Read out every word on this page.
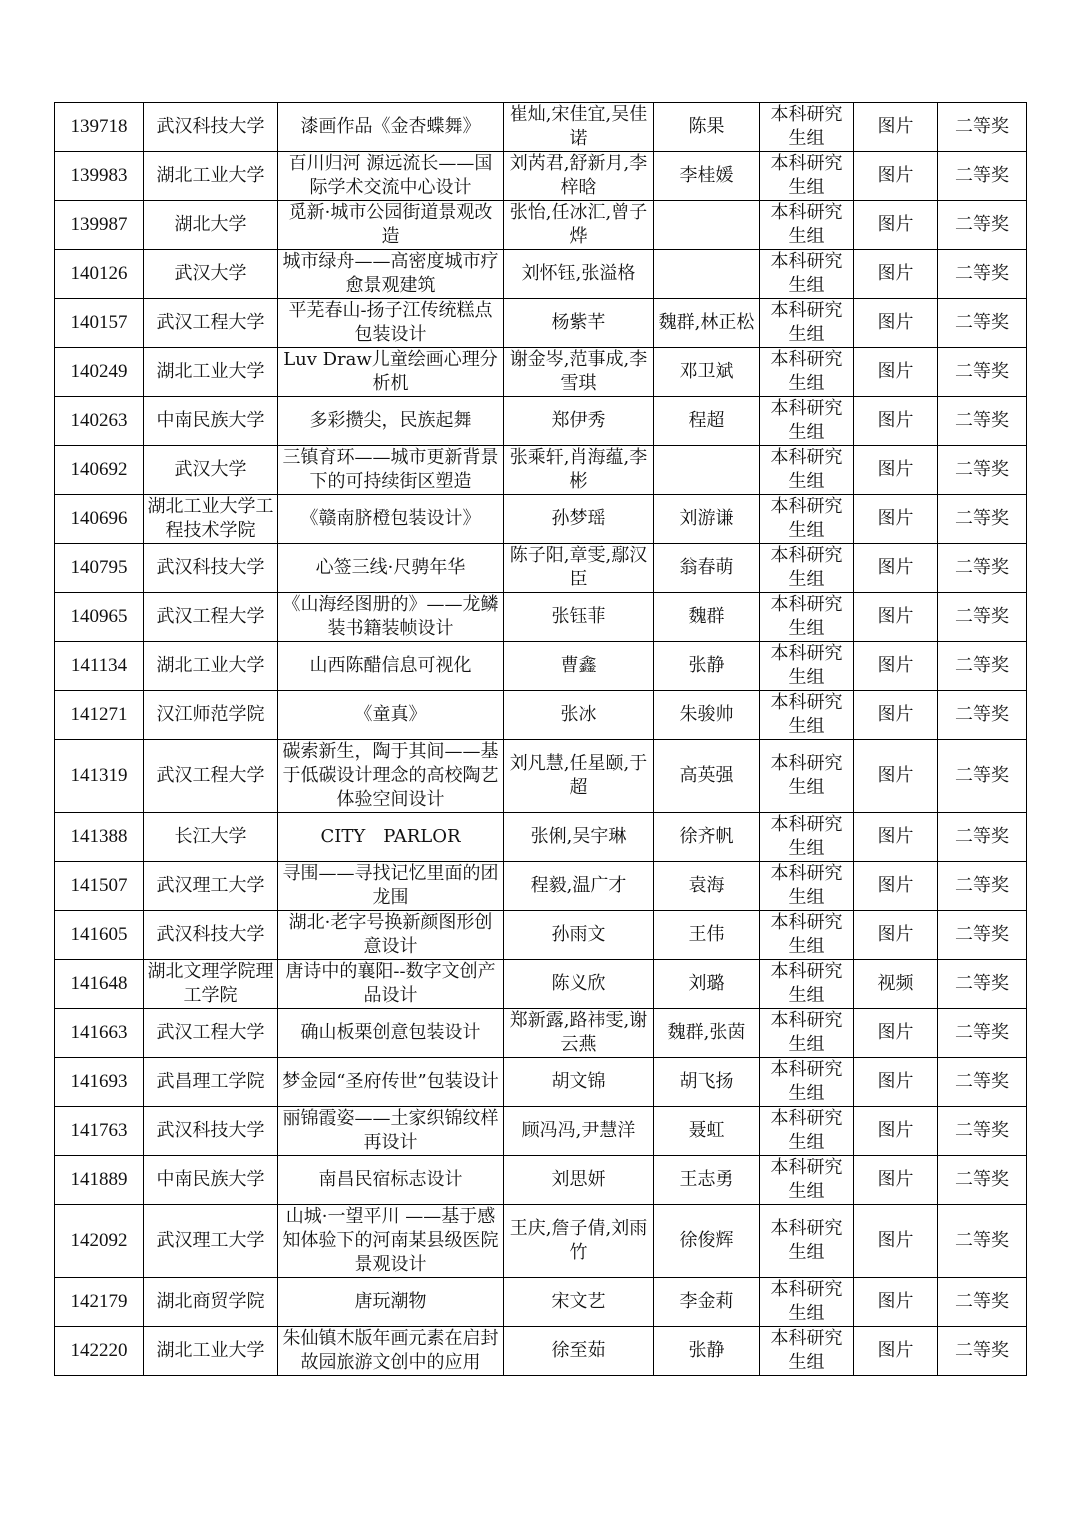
139718	武汉科技大学	漆画作品《金杏蝶舞》	崔灿,宋佳宜,吴佳诺	陈果	本科研究生组	图片	二等奖
139983	湖北工业大学	百川归河 源远流长——国际学术交流中心设计	刘芮君,舒新月,李梓晗	李桂媛	本科研究生组	图片	二等奖
139987	湖北大学	觅新·城市公园街道景观改造	张怡,任冰汇,曾子烨		本科研究生组	图片	二等奖
140126	武汉大学	城市绿舟——高密度城市疗愈景观建筑	刘怀钰,张溢格		本科研究生组	图片	二等奖
140157	武汉工程大学	平芜春山-扬子江传统糕点包装设计	杨紫芊	魏群,林正松	本科研究生组	图片	二等奖
140249	湖北工业大学	Luv Draw儿童绘画心理分析机	谢金岑,范事成,李雪琪	邓卫斌	本科研究生组	图片	二等奖
140263	中南民族大学	多彩攒尖，民族起舞	郑伊秀	程超	本科研究生组	图片	二等奖
140692	武汉大学	三镇育环——城市更新背景下的可持续街区塑造	张乘轩,肖海蕴,李彬		本科研究生组	图片	二等奖
140696	湖北工业大学工程技术学院	《赣南脐橙包装设计》	孙梦瑶	刘游谦	本科研究生组	图片	二等奖
140795	武汉科技大学	心签三线·尺骋年华	陈子阳,章雯,鄢汉臣	翁春萌	本科研究生组	图片	二等奖
140965	武汉工程大学	《山海经图册的》——龙鳞装书籍装帧设计	张钰菲	魏群	本科研究生组	图片	二等奖
141134	湖北工业大学	山西陈醋信息可视化	曹鑫	张静	本科研究生组	图片	二等奖
141271	汉江师范学院	《童真》	张冰	朱骏帅	本科研究生组	图片	二等奖
141319	武汉工程大学	碳索新生，陶于其间——基于低碳设计理念的高校陶艺体验空间设计	刘凡慧,任星颐,于超	高英强	本科研究生组	图片	二等奖
141388	长江大学	CITY　PARLOR	张俐,吴宇琳	徐齐帆	本科研究生组	图片	二等奖
141507	武汉理工大学	寻围——寻找记忆里面的团龙围	程毅,温广才	袁海	本科研究生组	图片	二等奖
141605	武汉科技大学	湖北·老字号换新颜图形创意设计	孙雨文	王伟	本科研究生组	图片	二等奖
141648	湖北文理学院理工学院	唐诗中的襄阳--数字文创产品设计	陈义欣	刘璐	本科研究生组	视频	二等奖
141663	武汉工程大学	确山板栗创意包装设计	郑新露,路祎雯,谢云燕	魏群,张茵	本科研究生组	图片	二等奖
141693	武昌理工学院	梦金园“圣府传世”包装设计	胡文锦	胡飞扬	本科研究生组	图片	二等奖
141763	武汉科技大学	丽锦霞姿——土家织锦纹样再设计	顾冯冯,尹慧洋	聂虹	本科研究生组	图片	二等奖
141889	中南民族大学	南昌民宿标志设计	刘思妍	王志勇	本科研究生组	图片	二等奖
142092	武汉理工大学	山城·一望平川 ——基于感知体验下的河南某县级医院景观设计	王庆,詹子倩,刘雨竹	徐俊辉	本科研究生组	图片	二等奖
142179	湖北商贸学院	唐玩潮物	宋文艺	李金莉	本科研究生组	图片	二等奖
142220	湖北工业大学	朱仙镇木版年画元素在启封故园旅游文创中的应用	徐至茹	张静	本科研究生组	图片	二等奖
